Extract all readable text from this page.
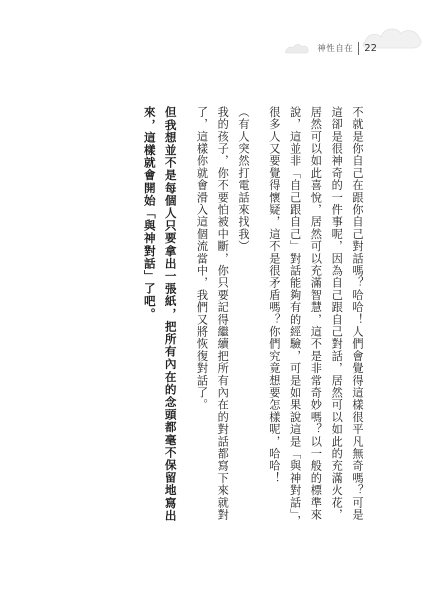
神性自在 22

不就是你自己在跟你自己對話嗎？哈哈！人們會覺得這樣很平凡無奇嗎？可是這卻是很神奇的一件事呢，因為自己跟自己對話，居然可以如此的充滿火花，居然可以如此喜悅，居然可以充滿智慧，這不是非常奇妙嗎？以一般的標準來說，這並非「自己跟自己」對話能夠有的經驗，可是如果說這是「與神對話」，很多人又要覺得懷疑，這不是很矛盾嗎？你們究竟想要怎樣呢，哈哈！

（有人突然打電話來找我）

我的孩子，你不要怕被中斷，你只要記得繼續把所有內在的對話都寫下來就對了，這樣你就會滑入這個流當中，我們又將恢復對話了。

但我想並不是每個人只要拿出一張紙，把所有內在的念頭都毫不保留地寫出來，這樣就會開始「與神對話」了吧。
